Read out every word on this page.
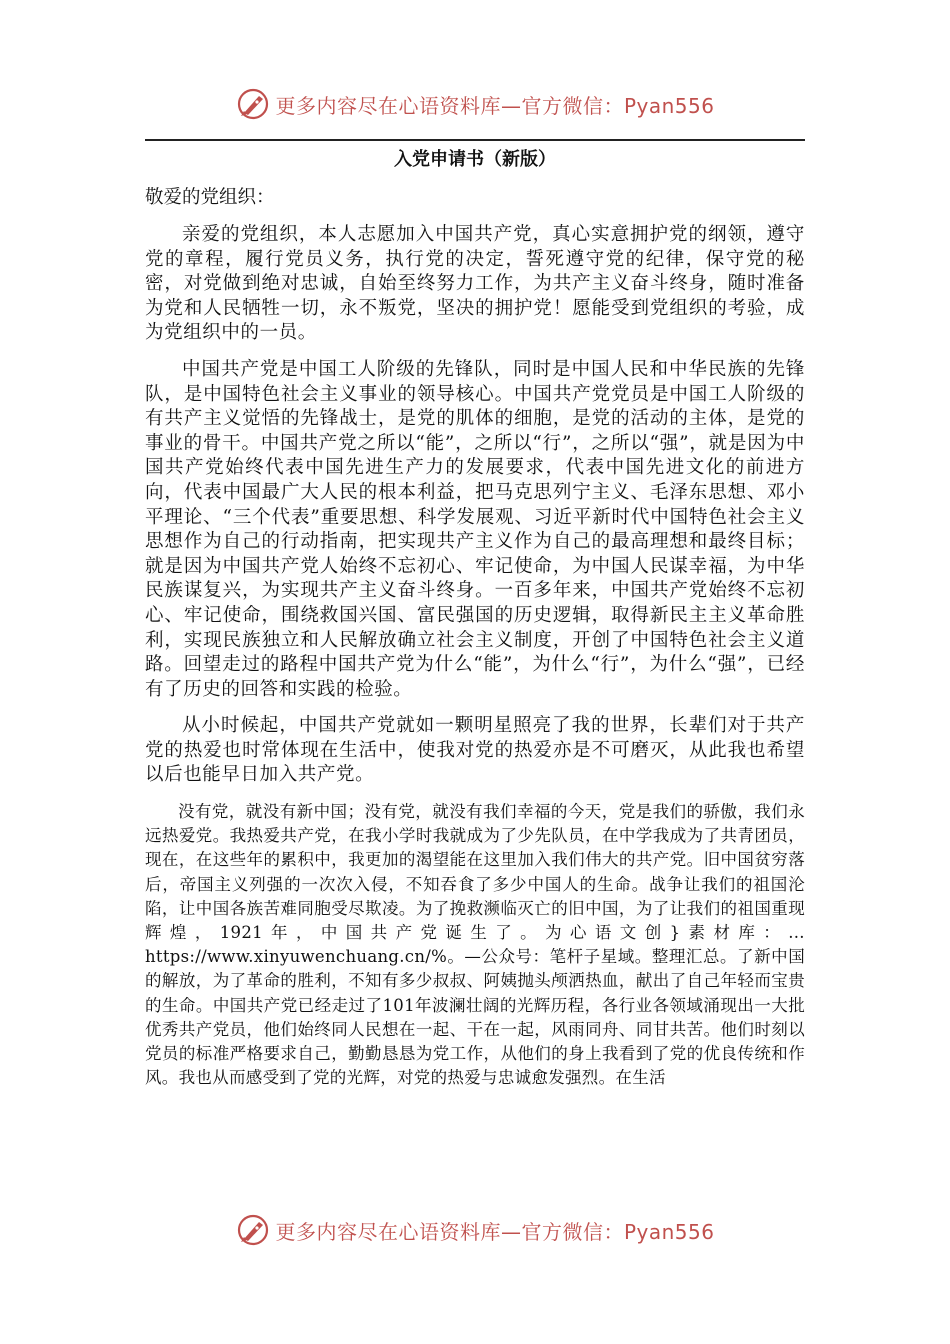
更多内容尽在心语资料库—官方微信：Pyan556
入党申请书（新版）
敬爱的党组织：

亲爱的党组织，本人志愿加入中国共产党，真心实意拥护党的纲领，遵守党的章程，履行党员义务，执行党的决定，誓死遵守党的纪律，保守党的秘密，对党做到绝对忠诚，自始至终努力工作，为共产主义奋斗终身，随时准备为党和人民牺牲一切，永不叛党，坚决的拥护党！愿能受到党组织的考验，成为党组织中的一员。

中国共产党是中国工人阶级的先锋队，同时是中国人民和中华民族的先锋队，是中国特色社会主义事业的领导核心。中国共产党党员是中国工人阶级的有共产主义觉悟的先锋战士，是党的肌体的细胞，是党的活动的主体，是党的事业的骨干。中国共产党之所以“能”，之所以“行”，之所以“强”，就是因为中国共产党始终代表中国先进生产力的发展要求，代表中国先进文化的前进方向，代表中国最广大人民的根本利益，把马克思列宁主义、毛泽东思想、邓小平理论、“三个代表”重要思想、科学发展观、习近平新时代中国特色社会主义思想作为自己的行动指南，把实现共产主义作为自己的最高理想和最终目标；就是因为中国共产党人始终不忘初心、牢记使命，为中国人民谋幸福，为中华民族谋复兴，为实现共产主义奋斗终身。一百多年来，中国共产党始终不忘初心、牢记使命，围绕救国兴国、富民强国的历史逻辑，取得新民主主义革命胜利，实现民族独立和人民解放确立社会主义制度，开创了中国特色社会主义道路。回望走过的路程中国共产党为什么“能”，为什么“行”，为什么“强”，已经有了历史的回答和实践的检验。

从小时候起，中国共产党就如一颗明星照亮了我的世界，长辈们对于共产党的热爱也时常体现在生活中，使我对党的热爱亦是不可磨灭，从此我也希望以后也能早日加入共产党。

没有党，就没有新中国；没有党，就没有我们幸福的今天，党是我们的骄傲，我们永远热爱党。我热爱共产党，在我小学时我就成为了少先队员，在中学我成为了共青团员，现在，在这些年的累积中，我更加的渴望能在这里加入我们伟大的共产党。旧中国贫穷落后，帝国主义列强的一次次入侵，不知吞食了多少中国人的生命。战争让我们的祖国沦陷，让中国各族苦难同胞受尽欺凌。为了挽救濒临灭亡的旧中国，为了让我们的祖国重现辉煌，1921年，中国共产党诞生了。为心语文创}素材库：…https://www.xinyuwenchuang.cn/%。—公众号：笔杆子星域。整理汇总。了新中国的解放，为了革命的胜利，不知有多少叔叔、阿姨抛头颅洒热血，献出了自己年轻而宝贵的生命。中国共产党已经走过了101年波澜壮阔的光辉历程，各行业各领域涌现出一大批优秀共产党员，他们始终同人民想在一起、干在一起，风雨同舟、同甘共苦。他们时刻以党员的标准严格要求自己，勤勤恳恳为党工作，从他们的身上我看到了党的优良传统和作风。我也从而感受到了党的光辉，对党的热爱与忠诚愈发强烈。在生活

更多内容尽在心语资料库—官方微信：Pyan556
